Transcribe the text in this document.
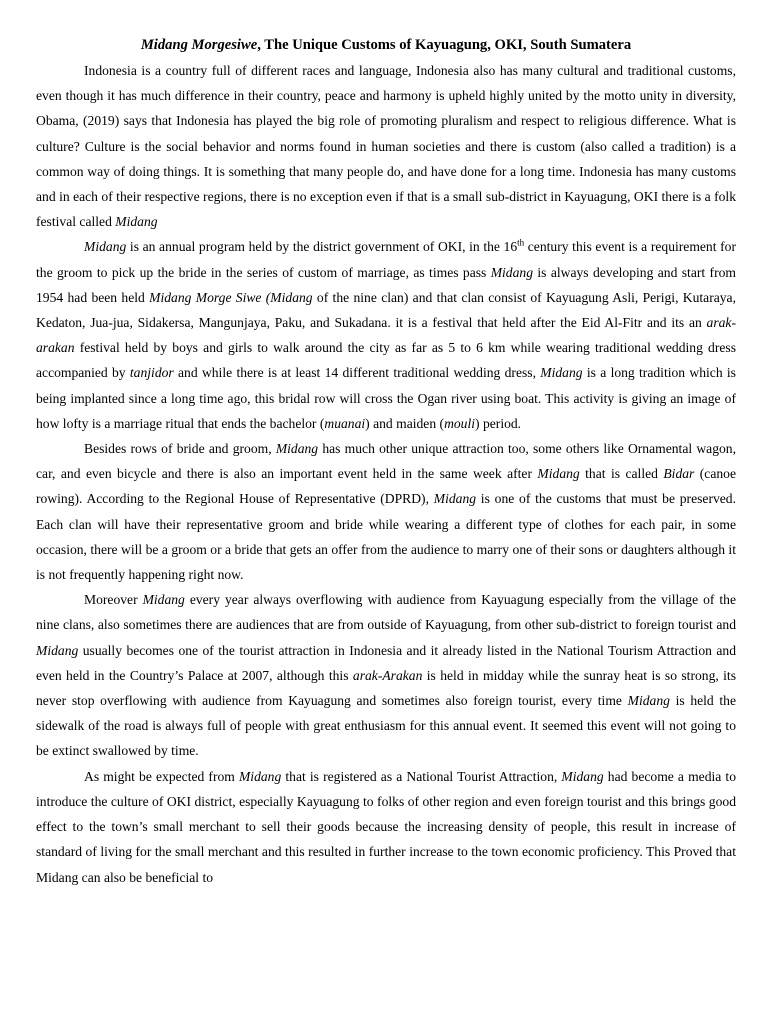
Midang Morgesiwe, The Unique Customs of Kayuagung, OKI, South Sumatera

Indonesia is a country full of different races and language, Indonesia also has many cultural and traditional customs, even though it has much difference in their country, peace and harmony is upheld highly united by the motto unity in diversity, Obama, (2019) says that Indonesia has played the big role of promoting pluralism and respect to religious difference. What is culture? Culture is the social behavior and norms found in human societies and there is custom (also called a tradition) is a common way of doing things. It is something that many people do, and have done for a long time. Indonesia has many customs and in each of their respective regions, there is no exception even if that is a small sub-district in Kayuagung, OKI there is a folk festival called Midang

Midang is an annual program held by the district government of OKI, in the 16th century this event is a requirement for the groom to pick up the bride in the series of custom of marriage, as times pass Midang is always developing and start from 1954 had been held Midang Morge Siwe (Midang of the nine clan) and that clan consist of Kayuagung Asli, Perigi, Kutaraya, Kedaton, Jua-jua, Sidakersa, Mangunjaya, Paku, and Sukadana. it is a festival that held after the Eid Al-Fitr and its an arak-arakan festival held by boys and girls to walk around the city as far as 5 to 6 km while wearing traditional wedding dress accompanied by tanjidor and while there is at least 14 different traditional wedding dress, Midang is a long tradition which is being implanted since a long time ago, this bridal row will cross the Ogan river using boat. This activity is giving an image of how lofty is a marriage ritual that ends the bachelor (muanai) and maiden (mouli) period.

Besides rows of bride and groom, Midang has much other unique attraction too, some others like Ornamental wagon, car, and even bicycle and there is also an important event held in the same week after Midang that is called Bidar (canoe rowing). According to the Regional House of Representative (DPRD), Midang is one of the customs that must be preserved. Each clan will have their representative groom and bride while wearing a different type of clothes for each pair, in some occasion, there will be a groom or a bride that gets an offer from the audience to marry one of their sons or daughters although it is not frequently happening right now.

Moreover Midang every year always overflowing with audience from Kayuagung especially from the village of the nine clans, also sometimes there are audiences that are from outside of Kayuagung, from other sub-district to foreign tourist and Midang usually becomes one of the tourist attraction in Indonesia and it already listed in the National Tourism Attraction and even held in the Country’s Palace at 2007, although this arak-Arakan is held in midday while the sunray heat is so strong, its never stop overflowing with audience from Kayuagung and sometimes also foreign tourist, every time Midang is held the sidewalk of the road is always full of people with great enthusiasm for this annual event. It seemed this event will not going to be extinct swallowed by time.

As might be expected from Midang that is registered as a National Tourist Attraction, Midang had become a media to introduce the culture of OKI district, especially Kayuagung to folks of other region and even foreign tourist and this brings good effect to the town’s small merchant to sell their goods because the increasing density of people, this result in increase of standard of living for the small merchant and this resulted in further increase to the town economic proficiency. This Proved that Midang can also be beneficial to
